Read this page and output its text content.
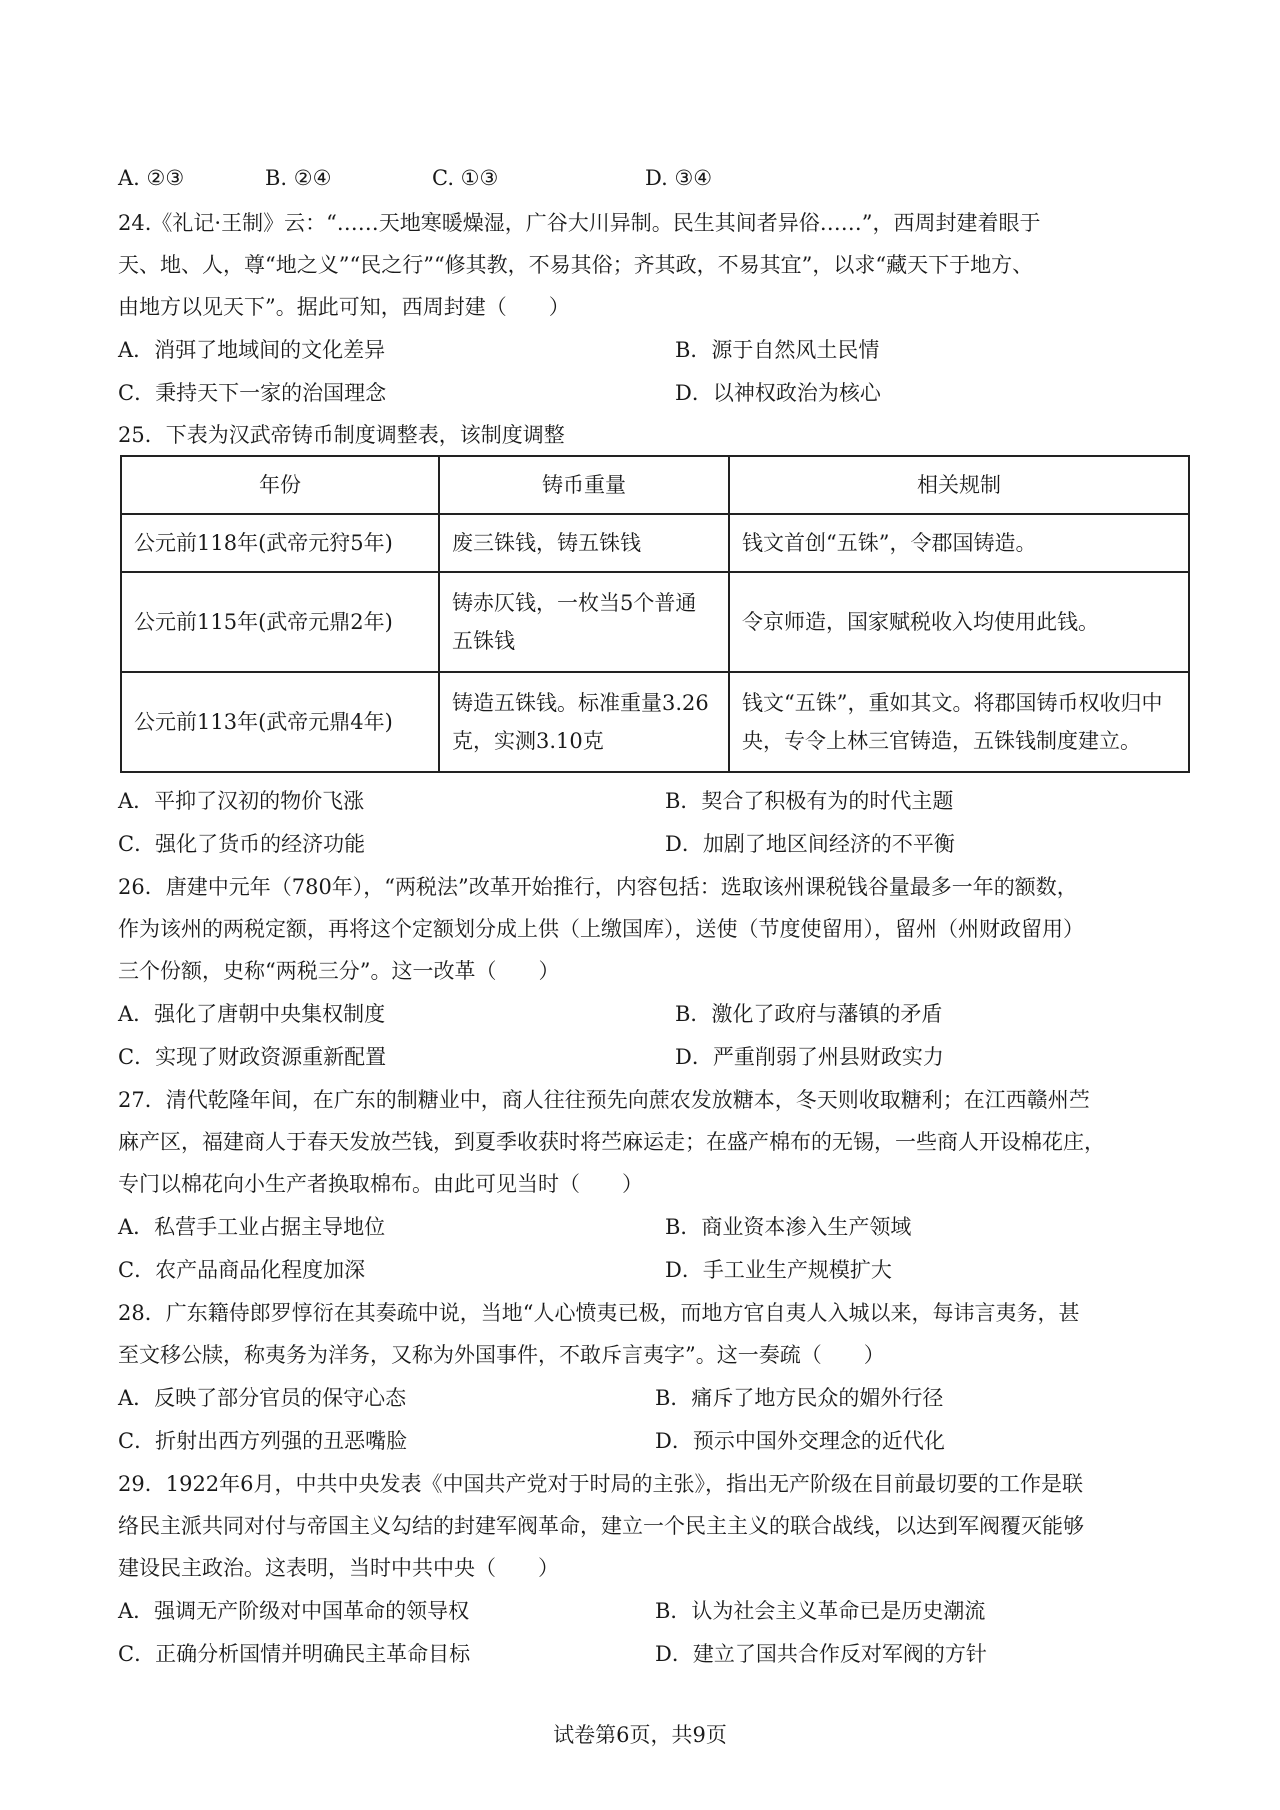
A. ②③	B. ②④	C. ①③	D. ③④
24.《礼记·王制》云：“……天地寒暖燥湿，广谷大川异制。民生其间者异俗……”，西周封建着眼于
天、地、人，尊“地之义”“民之行”“修其教，不易其俗；齐其政，不易其宜”，以求“藏天下于地方、
由地方以见天下”。据此可知，西周封建（　　）
A．消弭了地域间的文化差异	B．源于自然风土民情
C．秉持天下一家的治国理念	D．以神权政治为核心
25．下表为汉武帝铸币制度调整表，该制度调整
年份	铸币重量	相关规制
公元前118年(武帝元狩5年)	废三铢钱，铸五铢钱	钱文首创“五铢”，令郡国铸造。
公元前115年(武帝元鼎2年)	铸赤仄钱，一枚当5个普通五铢钱	令京师造，国家赋税收入均使用此钱。
公元前113年(武帝元鼎4年)	铸造五铢钱。标准重量3.26克，实测3.10克	钱文“五铢”，重如其文。将郡国铸币权收归中央，专令上林三官铸造，五铢钱制度建立。
A．平抑了汉初的物价飞涨	B．契合了积极有为的时代主题
C．强化了货币的经济功能	D．加剧了地区间经济的不平衡
26．唐建中元年（780年），“两税法”改革开始推行，内容包括：选取该州课税钱谷量最多一年的额数，
作为该州的两税定额，再将这个定额划分成上供（上缴国库），送使（节度使留用），留州（州财政留用）
三个份额，史称“两税三分”。这一改革（　　）
A．强化了唐朝中央集权制度	B．激化了政府与藩镇的矛盾
C．实现了财政资源重新配置	D．严重削弱了州县财政实力
27．清代乾隆年间，在广东的制糖业中，商人往往预先向蔗农发放糖本，冬天则收取糖利；在江西赣州苎
麻产区，福建商人于春天发放苎钱，到夏季收获时将苎麻运走；在盛产棉布的无锡，一些商人开设棉花庄，
专门以棉花向小生产者换取棉布。由此可见当时（　　）
A．私营手工业占据主导地位	B．商业资本渗入生产领域
C．农产品商品化程度加深	D．手工业生产规模扩大
28．广东籍侍郎罗惇衍在其奏疏中说，当地“人心愤夷已极，而地方官自夷人入城以来，每讳言夷务，甚
至文移公牍，称夷务为洋务，又称为外国事件，不敢斥言夷字”。这一奏疏（　　）
A．反映了部分官员的保守心态	B．痛斥了地方民众的媚外行径
C．折射出西方列强的丑恶嘴脸	D．预示中国外交理念的近代化
29．1922年6月，中共中央发表《中国共产党对于时局的主张》，指出无产阶级在目前最切要的工作是联
络民主派共同对付与帝国主义勾结的封建军阀革命，建立一个民主主义的联合战线，以达到军阀覆灭能够
建设民主政治。这表明，当时中共中央（　　）
A．强调无产阶级对中国革命的领导权	B．认为社会主义革命已是历史潮流
C．正确分析国情并明确民主革命目标	D．建立了国共合作反对军阀的方针
试卷第6页，共9页
